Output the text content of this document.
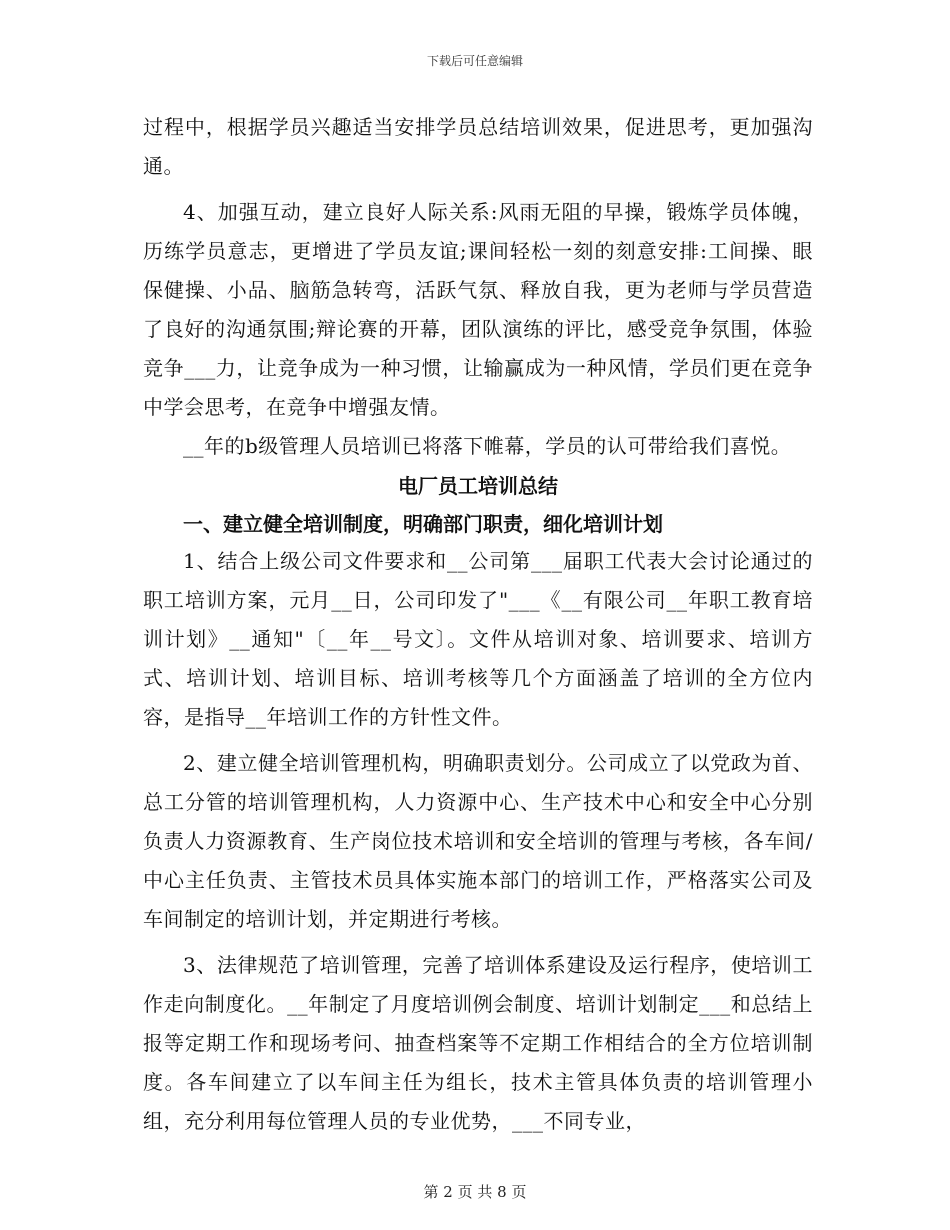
下载后可任意编辑

过程中，根据学员兴趣适当安排学员总结培训效果，促进思考，更加强沟通。

4、加强互动，建立良好人际关系:风雨无阻的早操，锻炼学员体魄，历练学员意志，更增进了学员友谊;课间轻松一刻的刻意安排:工间操、眼保健操、小品、脑筋急转弯，活跃气氛、释放自我，更为老师与学员营造了良好的沟通氛围;辩论赛的开幕，团队演练的评比，感受竞争氛围，体验竞争___力，让竞争成为一种习惯，让输赢成为一种风情，学员们更在竞争中学会思考，在竞争中增强友情。

__年的b级管理人员培训已将落下帷幕，学员的认可带给我们喜悦。

电厂员工培训总结
一、建立健全培训制度，明确部门职责，细化培训计划

1、结合上级公司文件要求和__公司第___届职工代表大会讨论通过的职工培训方案，元月__日，公司印发了"___《__有限公司__年职工教育培训计划》__通知"〔__年__号文〕。文件从培训对象、培训要求、培训方式、培训计划、培训目标、培训考核等几个方面涵盖了培训的全方位内容，是指导__年培训工作的方针性文件。

2、建立健全培训管理机构，明确职责划分。公司成立了以党政为首、总工分管的培训管理机构，人力资源中心、生产技术中心和安全中心分别负责人力资源教育、生产岗位技术培训和安全培训的管理与考核，各车间/中心主任负责、主管技术员具体实施本部门的培训工作，严格落实公司及车间制定的培训计划，并定期进行考核。

3、法律规范了培训管理，完善了培训体系建设及运行程序，使培训工作走向制度化。__年制定了月度培训例会制度、培训计划制定___和总结上报等定期工作和现场考问、抽查档案等不定期工作相结合的全方位培训制度。各车间建立了以车间主任为组长，技术主管具体负责的培训管理小组，充分利用每位管理人员的专业优势，___不同专业，

第 2 页 共 8 页
